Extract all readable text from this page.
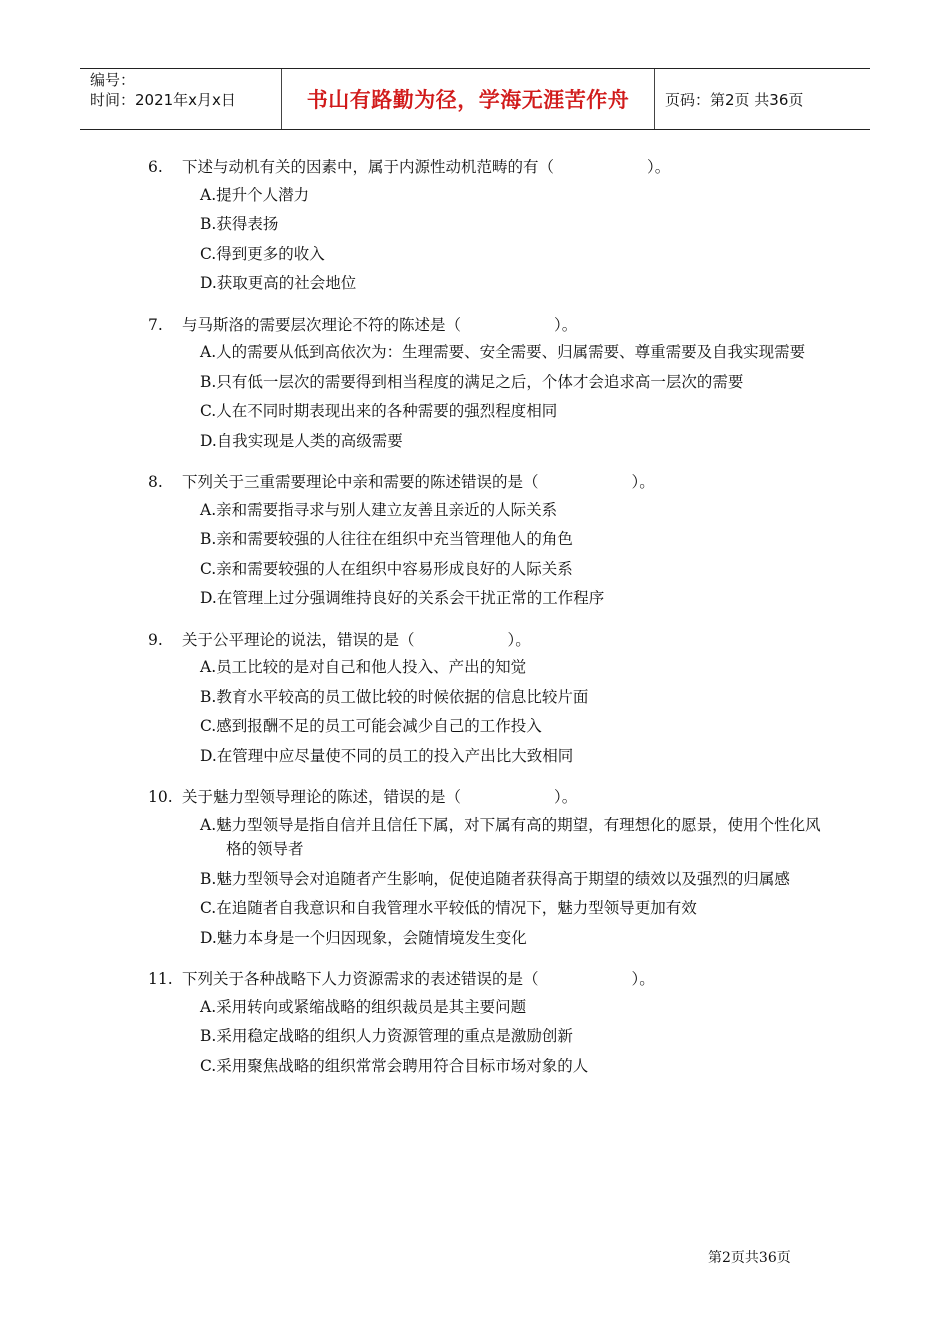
编号：
时间：2021年x月x日	书山有路勤为径，学海无涯苦作舟	页码：第2页 共36页
6.	下述与动机有关的因素中，属于内源性动机范畴的有（　　　　　　）。
A.提升个人潜力
B.获得表扬
C.得到更多的收入
D.获取更高的社会地位
7.	与马斯洛的需要层次理论不符的陈述是（　　　　　　）。
A.人的需要从低到高依次为：生理需要、安全需要、归属需要、尊重需要及自我实现需要
B.只有低一层次的需要得到相当程度的满足之后，个体才会追求高一层次的需要
C.人在不同时期表现出来的各种需要的强烈程度相同
D.自我实现是人类的高级需要
8.	下列关于三重需要理论中亲和需要的陈述错误的是（　　　　　　）。
A.亲和需要指寻求与别人建立友善且亲近的人际关系
B.亲和需要较强的人往往在组织中充当管理他人的角色
C.亲和需要较强的人在组织中容易形成良好的人际关系
D.在管理上过分强调维持良好的关系会干扰正常的工作程序
9.	关于公平理论的说法，错误的是（　　　　　　）。
A.员工比较的是对自己和他人投入、产出的知觉
B.教育水平较高的员工做比较的时候依据的信息比较片面
C.感到报酬不足的员工可能会减少自己的工作投入
D.在管理中应尽量使不同的员工的投入产出比大致相同
10. 关于魅力型领导理论的陈述，错误的是（　　　　　　）。
A.魅力型领导是指自信并且信任下属，对下属有高的期望，有理想化的愿景，使用个性化风格的领导者
B.魅力型领导会对追随者产生影响，促使追随者获得高于期望的绩效以及强烈的归属感
C.在追随者自我意识和自我管理水平较低的情况下，魅力型领导更加有效
D.魅力本身是一个归因现象，会随情境发生变化
11. 下列关于各种战略下人力资源需求的表述错误的是（　　　　　　）。
A.采用转向或紧缩战略的组织裁员是其主要问题
B.采用稳定战略的组织人力资源管理的重点是激励创新
C.采用聚焦战略的组织常常会聘用符合目标市场对象的人
第2页共36页
